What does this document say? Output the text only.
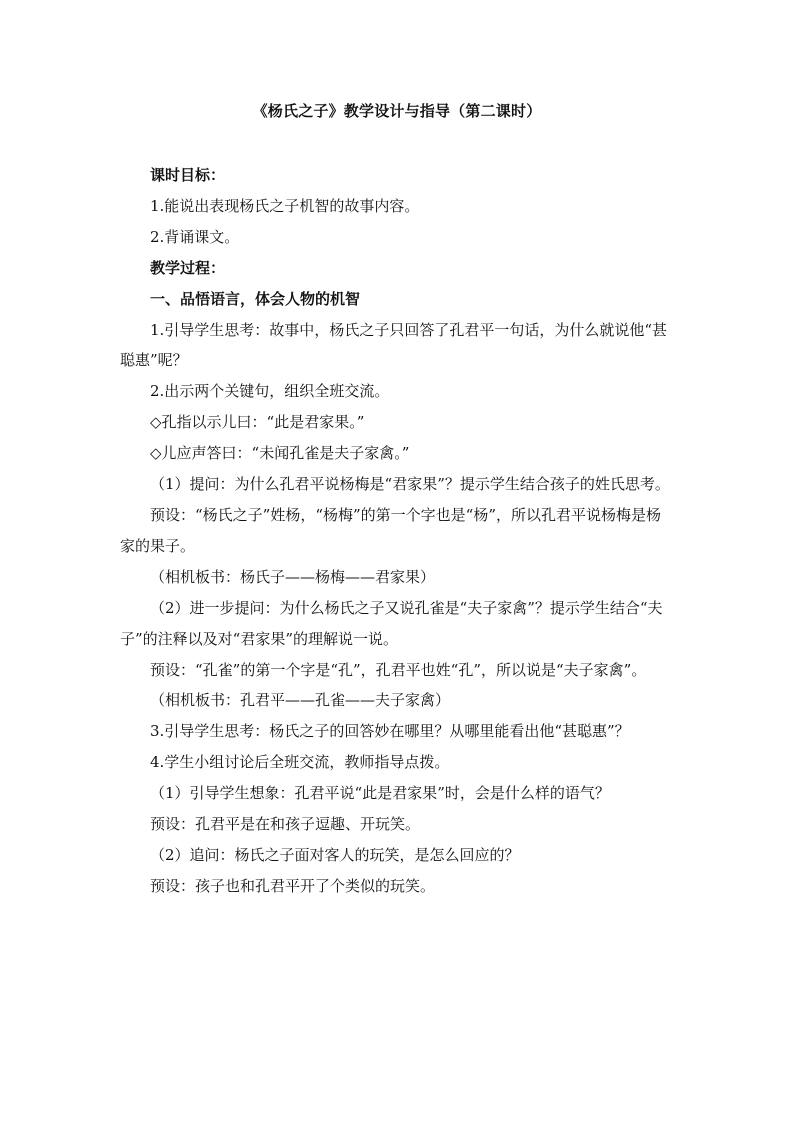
《杨氏之子》教学设计与指导（第二课时）

课时目标：

1.能说出表现杨氏之子机智的故事内容。

2.背诵课文。

教学过程：

一、品悟语言，体会人物的机智

1.引导学生思考：故事中，杨氏之子只回答了孔君平一句话，为什么就说他“甚聪惠”呢？

2.出示两个关键句，组织全班交流。

◇孔指以示儿曰：“此是君家果。”

◇儿应声答曰：“未闻孔雀是夫子家禽。”

（1）提问：为什么孔君平说杨梅是“君家果”？提示学生结合孩子的姓氏思考。

预设：“杨氏之子”姓杨，“杨梅”的第一个字也是“杨”，所以孔君平说杨梅是杨家的果子。

（相机板书：杨氏子——杨梅——君家果）

（2）进一步提问：为什么杨氏之子又说孔雀是“夫子家禽”？提示学生结合“夫子”的注释以及对“君家果”的理解说一说。

预设：“孔雀”的第一个字是“孔”，孔君平也姓“孔”，所以说是“夫子家禽”。

（相机板书：孔君平——孔雀——夫子家禽）

3.引导学生思考：杨氏之子的回答妙在哪里？从哪里能看出他“甚聪惠”？

4.学生小组讨论后全班交流，教师指导点拨。

（1）引导学生想象：孔君平说“此是君家果”时，会是什么样的语气？

预设：孔君平是在和孩子逗趣、开玩笑。

（2）追问：杨氏之子面对客人的玩笑，是怎么回应的？

预设：孩子也和孔君平开了个类似的玩笑。
